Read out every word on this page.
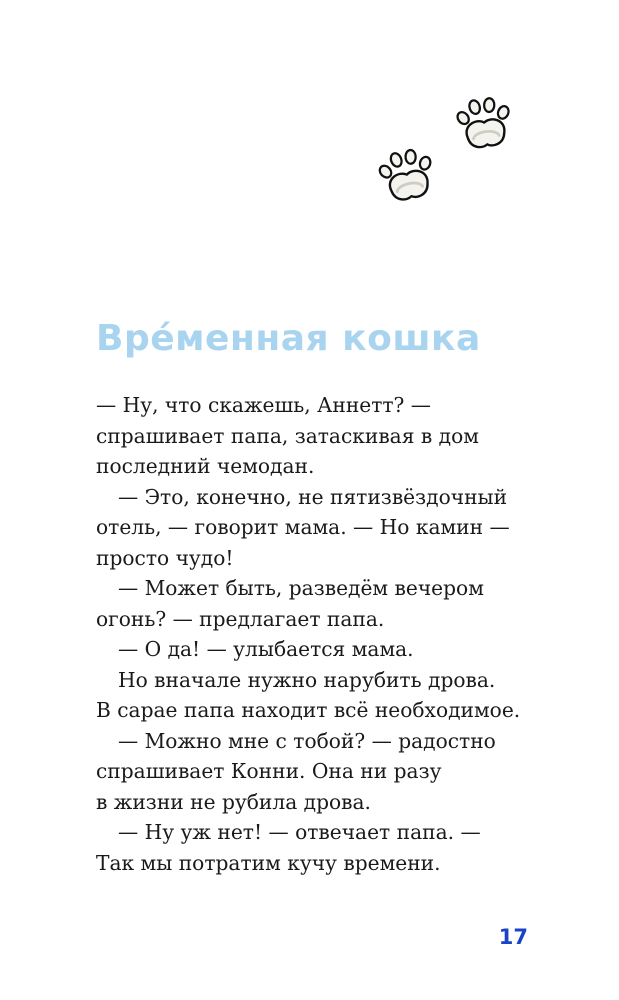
Вре́менная кошка
— Ну, что скажешь, Аннетт? —
спрашивает папа, затаскивая в дом
последний чемодан.
— Это, конечно, не пятизвёздочный
отель, — говорит мама. — Но камин —
просто чудо!
— Может быть, разведём вечером
огонь? — предлагает папа.
— О да! — улыбается мама.
Но вначале нужно нарубить дрова.
В сарае папа находит всё необходимое.
— Можно мне с тобой? — радостно
спрашивает Конни. Она ни разу
в жизни не рубила дрова.
— Ну уж нет! — отвечает папа. —
Так мы потратим кучу времени.
17
